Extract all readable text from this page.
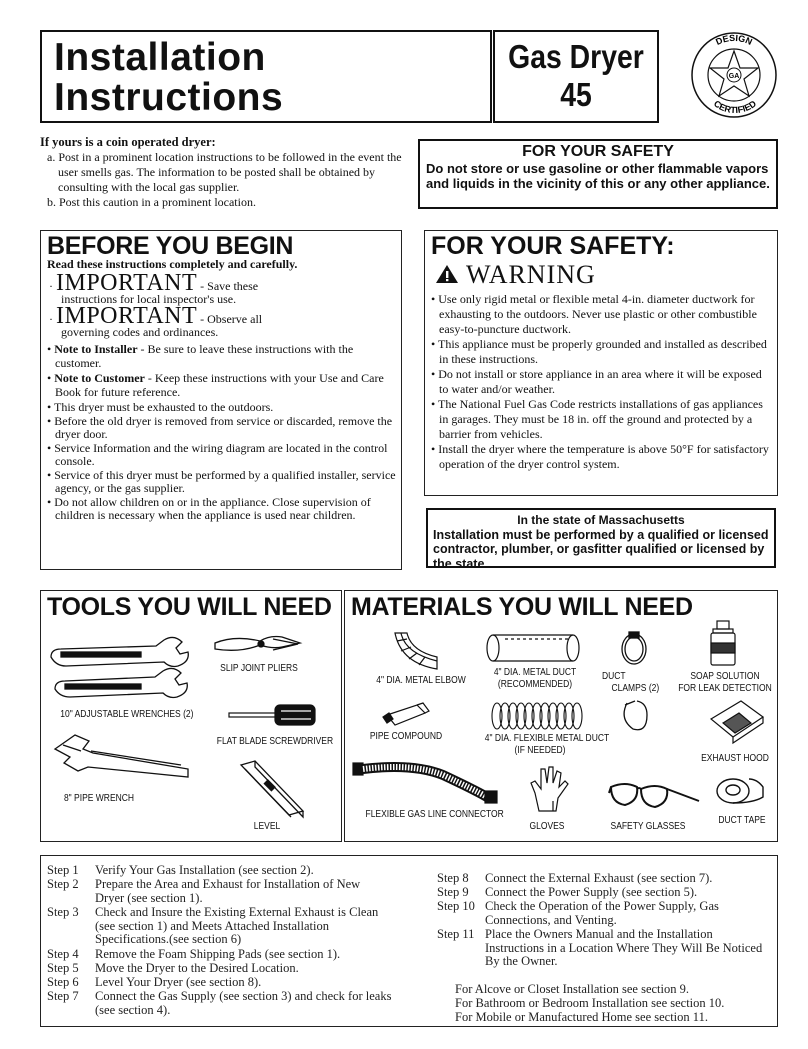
Installation
Instructions
Gas Dryer
45	GA
DESIGN
CERTIFIED
If yours is a coin operated dryer:
a. Post in a prominent location instructions to be followed in the event the user smells gas. The information to be posted shall be obtained by consulting with the local gas supplier.
b. Post this caution in a prominent location.
FOR YOUR SAFETY
Do not store or use gasoline or other flammable vapors and liquids in the vicinity of this or any other appliance.
BEFORE YOU BEGIN
Read these instructions completely and carefully.
· IMPORTANT - Save these
instructions for local inspector's use.
· IMPORTANT - Observe all
governing codes and ordinances.
• Note to Installer - Be sure to leave these instructions with the customer.
• Note to Customer - Keep these instructions with your Use and Care Book for future reference.
• This dryer must be exhausted to the outdoors.
• Before the old dryer is removed from service or discarded, remove the dryer door.
• Service Information and the wiring diagram are located in the control console.
• Service of this dryer must be performed by a qualified installer, service agency, or the gas supplier.
• Do not allow children on or in the appliance. Close supervision of children is necessary when the appliance is used near children.
FOR YOUR SAFETY:
WARNING
• Use only rigid metal or flexible metal 4-in. diameter ductwork for exhausting to the outdoors. Never use plastic or other combustible easy-to-puncture ductwork.
• This appliance must be properly grounded and installed as described in these instructions.
• Do not install or store appliance in an area where it will be exposed to water and/or weather.
• The National Fuel Gas Code restricts installations of gas appliances in garages. They must be 18 in. off the ground and protected by a barrier from vehicles.
• Install the dryer where the temperature is above 50°F for satisfactory operation of the dryer control system.
In the state of Massachusetts
Installation must be performed by a qualified or licensed contractor, plumber, or gasfitter qualified or licensed by the state.
TOOLS YOU WILL NEED
10" ADJUSTABLE WRENCHES (2)
SLIP JOINT PLIERS
FLAT BLADE SCREWDRIVER
8" PIPE WRENCH
LEVEL
MATERIALS YOU WILL NEED
4" DIA. METAL ELBOW
4" DIA. METAL DUCT
(RECOMMENDED)
DUCT
CLAMPS (2)
SOAP SOLUTION
FOR LEAK DETECTION
PIPE COMPOUND	4" DIA. FLEXIBLE METAL DUCT
(IF NEEDED)
EXHAUST HOOD
FLEXIBLE GAS LINE CONNECTOR
GLOVES	SAFETY GLASSES
DUCT TAPE
Step 1 Verify Your Gas Installation (see section 2).
Step 2 Prepare the Area and Exhaust for Installation of New Dryer (see section 1).
Step 3 Check and Insure the Existing External Exhaust is Clean (see section 1) and Meets Attached Installation Specifications.(see section 6)
Step 4 Remove the Foam Shipping Pads (see section 1).
Step 5 Move the Dryer to the Desired Location.
Step 6 Level Your Dryer (see section 8).
Step 7 Connect the Gas Supply (see section 3) and check for leaks (see section 4).
Step 8 Connect the External Exhaust (see section 7).
Step 9 Connect the Power Supply (see section 5).
Step 10 Check the Operation of the Power Supply, Gas Connections, and Venting.
Step 11 Place the Owners Manual and the Installation Instructions in a Location Where They Will Be Noticed By the Owner.
For Alcove or Closet Installation see section 9.
For Bathroom or Bedroom Installation see section 10.
For Mobile or Manufactured Home see section 11.
